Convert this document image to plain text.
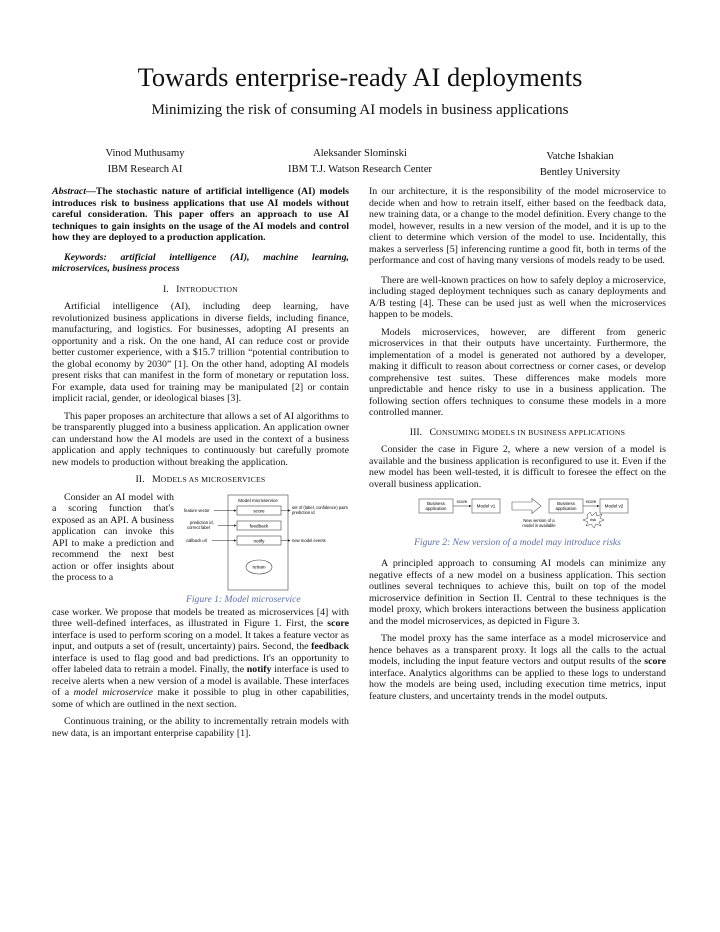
Towards enterprise-ready AI deployments
Minimizing the risk of consuming AI models in business applications
Vinod Muthusamy
IBM Research AI
Aleksander Slominski
IBM T.J. Watson Research Center
Vatche Ishakian
Bentley University

Abstract—The stochastic nature of artificial intelligence (AI) models introduces risk to business applications that use AI models without careful consideration. This paper offers an approach to use AI techniques to gain insights on the usage of the AI models and control how they are deployed to a production application.

Keywords: artificial intelligence (AI), machine learning, microservices, business process

I. INTRODUCTION

Artificial intelligence (AI), including deep learning, have revolutionized business applications in diverse fields, including finance, manufacturing, and logistics. For businesses, adopting AI presents an opportunity and a risk. On the one hand, AI can reduce cost or provide better customer experience, with a $15.7 trillion “potential contribution to the global economy by 2030” [1]. On the other hand, adopting AI models present risks that can manifest in the form of monetary or reputation loss. For example, data used for training may be manipulated [2] or contain implicit racial, gender, or ideological biases [3].

This paper proposes an architecture that allows a set of AI algorithms to be transparently plugged into a business application. An application owner can understand how the AI models are used in the context of a business application and apply techniques to continuously but carefully promote new models to production without breaking the application.

II. MODELS AS MICROSERVICES

Consider an AI model with a scoring function that's exposed as an API. A business application can invoke this API to make a prediction and recommend the next best action or offer insights about the process to a

Model microservice
score
feedback
notify
retrain
feature vector
prediction id,
correct label
callback url
set of (label, confidence) pairs
prediction id
new model events
Figure 1: Model microservice

case worker. We propose that models be treated as microservices [4] with three well-defined interfaces, as illustrated in Figure 1. First, the score interface is used to perform scoring on a model. It takes a feature vector as input, and outputs a set of (result, uncertainty) pairs. Second, the feedback interface is used to flag good and bad predictions. It's an opportunity to offer labeled data to retrain a model. Finally, the notify interface is used to receive alerts when a new version of a model is available. These interfaces of a model microservice make it possible to plug in other capabilities, some of which are outlined in the next section.

Continuous training, or the ability to incrementally retrain models with new data, is an important enterprise capability [1].

In our architecture, it is the responsibility of the model microservice to decide when and how to retrain itself, either based on the feedback data, new training data, or a change to the model definition. Every change to the model, however, results in a new version of the model, and it is up to the client to determine which version of the model to use. Incidentally, this makes a serverless [5] inferencing runtime a good fit, both in terms of the performance and cost of having many versions of models ready to be used.

There are well-known practices on how to safely deploy a microservice, including staged deployment techniques such as canary deployments and A/B testing [4]. These can be used just as well when the microservices happen to be models.

Models microservices, however, are different from generic microservices in that their outputs have uncertainty. Furthermore, the implementation of a model is generated not authored by a developer, making it difficult to reason about correctness or corner cases, or develop comprehensive test suites. These differences make models more unpredictable and hence risky to use in a business application. The following section offers techniques to consume these models in a more controlled manner.

III. CONSUMING MODELS IN BUSINESS APPLICATIONS

Consider the case in Figure 2, where a new version of a model is available and the business application is reconfigured to use it. Even if the new model has been well-tested, it is difficult to foresee the effect on the overall business application.

Business
application
score
Model v1
New version of a
model is available
Business
application
score
Model v2
risk
Figure 2: New version of a model may introduce risks

A principled approach to consuming AI models can minimize any negative effects of a new model on a business application. This section outlines several techniques to achieve this, built on top of the model microservice definition in Section II. Central to these techniques is the model proxy, which brokers interactions between the business application and the model microservices, as depicted in Figure 3.

The model proxy has the same interface as a model microservice and hence behaves as a transparent proxy. It logs all the calls to the actual models, including the input feature vectors and output results of the score interface. Analytics algorithms can be applied to these logs to understand how the models are being used, including execution time metrics, input feature clusters, and uncertainty trends in the model outputs.
